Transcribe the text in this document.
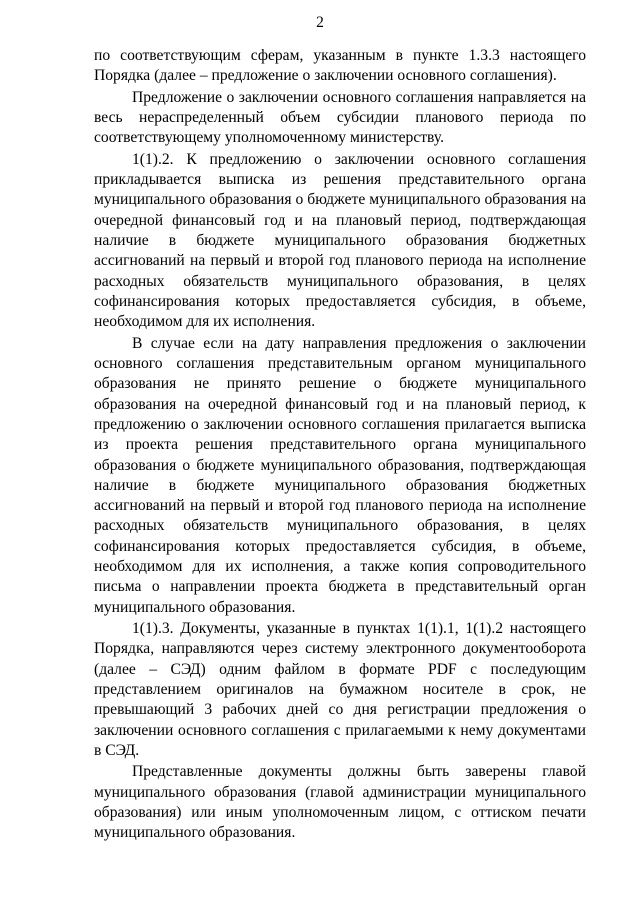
2

по соответствующим сферам, указанным в пункте 1.3.3 настоящего Порядка (далее – предложение о заключении основного соглашения).

Предложение о заключении основного соглашения направляется на весь нераспределенный объем субсидии планового периода по соответствующему уполномоченному министерству.

1(1).2. К предложению о заключении основного соглашения прикладывается выписка из решения представительного органа муниципального образования о бюджете муниципального образования на очередной финансовый год и на плановый период, подтверждающая наличие в бюджете муниципального образования бюджетных ассигнований на первый и второй год планового периода на исполнение расходных обязательств муниципального образования, в целях софинансирования которых предоставляется субсидия, в объеме, необходимом для их исполнения.

В случае если на дату направления предложения о заключении основного соглашения представительным органом муниципального образования не принято решение о бюджете муниципального образования на очередной финансовый год и на плановый период, к предложению о заключении основного соглашения прилагается выписка из проекта решения представительного органа муниципального образования о бюджете муниципального образования, подтверждающая наличие в бюджете муниципального образования бюджетных ассигнований на первый и второй год планового периода на исполнение расходных обязательств муниципального образования, в целях софинансирования которых предоставляется субсидия, в объеме, необходимом для их исполнения, а также копия сопроводительного письма о направлении проекта бюджета в представительный орган муниципального образования.

1(1).3. Документы, указанные в пунктах 1(1).1, 1(1).2 настоящего Порядка, направляются через систему электронного документооборота (далее – СЭД) одним файлом в формате PDF с последующим представлением оригиналов на бумажном носителе в срок, не превышающий 3 рабочих дней со дня регистрации предложения о заключении основного соглашения с прилагаемыми к нему документами в СЭД.

Представленные документы должны быть заверены главой муниципального образования (главой администрации муниципального образования) или иным уполномоченным лицом, с оттиском печати муниципального образования.
